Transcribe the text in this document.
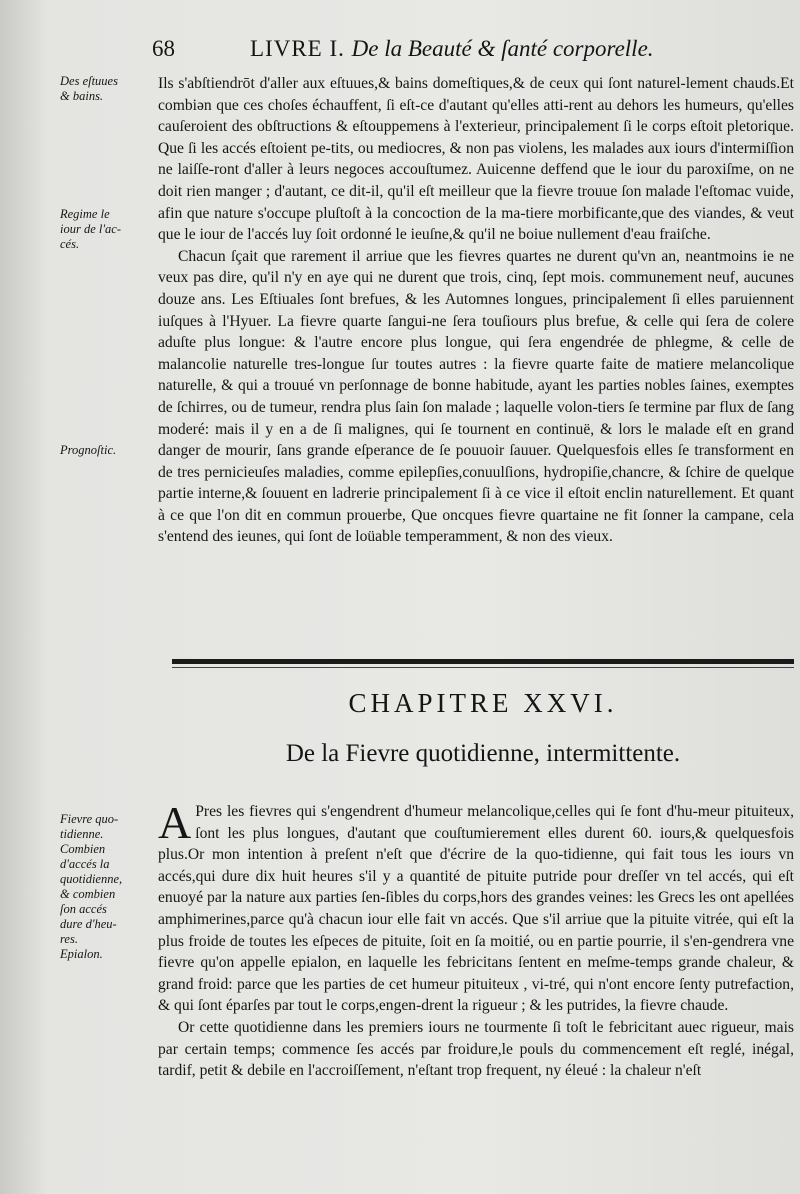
68	LIVRE I. De la Beauté & ſanté corporelle.
Des eſtuues
& bains.
Regime le
iour de l'ac-
cés.
Prognoſtic.
Fievre quo-
tidienne.
Combien
d'accés la
quotidienne,
& combien
ſon accés
dure d'heu-
res.
Epialon.

Ils s'abſtiendrōt d'aller aux eſtuues,& bains domeſtiques,& de ceux qui ſont naturel-lement chauds.Et combiən que ces choſes échauffent, ſi eſt-ce d'autant qu'elles atti-rent au dehors les humeurs, qu'elles cauſeroient des obſtructions & eſtouppemens à l'exterieur, principalement ſi le corps eſtoit pletorique. Que ſi les accés eſtoient pe-tits, ou mediocres, & non pas violens, les malades aux iours d'intermiſſion ne laiſſe-ront d'aller à leurs negoces accouſtumez. Auicenne deffend que le iour du paroxiſme, on ne doit rien manger ; d'autant, ce dit-il, qu'il eſt meilleur que la fievre trouue ſon malade l'eſtomac vuide, afin que nature s'occupe pluſtoſt à la concoction de la ma-tiere morbificante,que des viandes, & veut que le iour de l'accés luy ſoit ordonné le ieuſne,& qu'il ne boiue nullement d'eau fraiſche.

Chacun ſçait que rarement il arriue que les fievres quartes ne durent qu'vn an, neantmoins ie ne veux pas dire, qu'il n'y en aye qui ne durent que trois, cinq, ſept mois. communement neuf, aucunes douze ans. Les Eſtiuales ſont brefues, & les Automnes longues, principalement ſi elles paruiennent iuſques à l'Hyuer. La fievre quarte ſangui-ne ſera touſiours plus brefue, & celle qui ſera de colere aduſte plus longue: & l'autre encore plus longue, qui ſera engendrée de phlegme, & celle de malancolie naturelle tres-longue ſur toutes autres : la fievre quarte faite de matiere melancolique naturelle, & qui a trouué vn perſonnage de bonne habitude, ayant les parties nobles ſaines, exemptes de ſchirres, ou de tumeur, rendra plus ſain ſon malade ; laquelle volon-tiers ſe termine par flux de ſang moderé: mais il y en a de ſi malignes, qui ſe tournent en continuë, & lors le malade eſt en grand danger de mourir, ſans grande eſperance de ſe pouuoir ſauuer. Quelquesfois elles ſe transforment en de tres pernicieuſes maladies, comme epilepſies,conuulſions, hydropiſie,chancre, & ſchire de quelque partie interne,& ſouuent en ladrerie principalement ſi à ce vice il eſtoit enclin naturellement. Et quant à ce que l'on dit en commun prouerbe, Que oncques fievre quartaine ne fit ſonner la campane, cela s'entend des ieunes, qui ſont de loüable temperamment, & non des vieux.

CHAPITRE XXVI.
De la Fievre quotidienne, intermittente.

A Pres les fievres qui s'engendrent d'humeur melancolique,celles qui ſe font d'hu-meur pituiteux, ſont les plus longues, d'autant que couſtumierement elles durent 60. iours,& quelquesfois plus.Or mon intention à preſent n'eſt que d'écrire de la quo-tidienne, qui fait tous les iours vn accés,qui dure dix huit heures s'il y a quantité de pituite putride pour dreſſer vn tel accés, qui eſt enuoyé par la nature aux parties ſen-ſibles du corps,hors des grandes veines: les Grecs les ont apellées amphimerines,parce qu'à chacun iour elle fait vn accés. Que s'il arriue que la pituite vitrée, qui eſt la plus froide de toutes les eſpeces de pituite, ſoit en ſa moitié, ou en partie pourrie, il s'en-gendrera vne fievre qu'on appelle epialon, en laquelle les febricitans ſentent en meſme-temps grande chaleur, & grand froid: parce que les parties de cet humeur pituiteux , vi-tré, qui n'ont encore ſenty putrefaction, & qui ſont éparſes par tout le corps,engen-drent la rigueur ; & les putrides, la fievre chaude.

Or cette quotidienne dans les premiers iours ne tourmente ſi toſt le febricitant auec rigueur, mais par certain temps; commence ſes accés par froidure,le pouls du commencement eſt reglé, inégal, tardif, petit & debile en l'accroiſſement, n'eſtant trop frequent, ny éleué : la chaleur n'eſt
